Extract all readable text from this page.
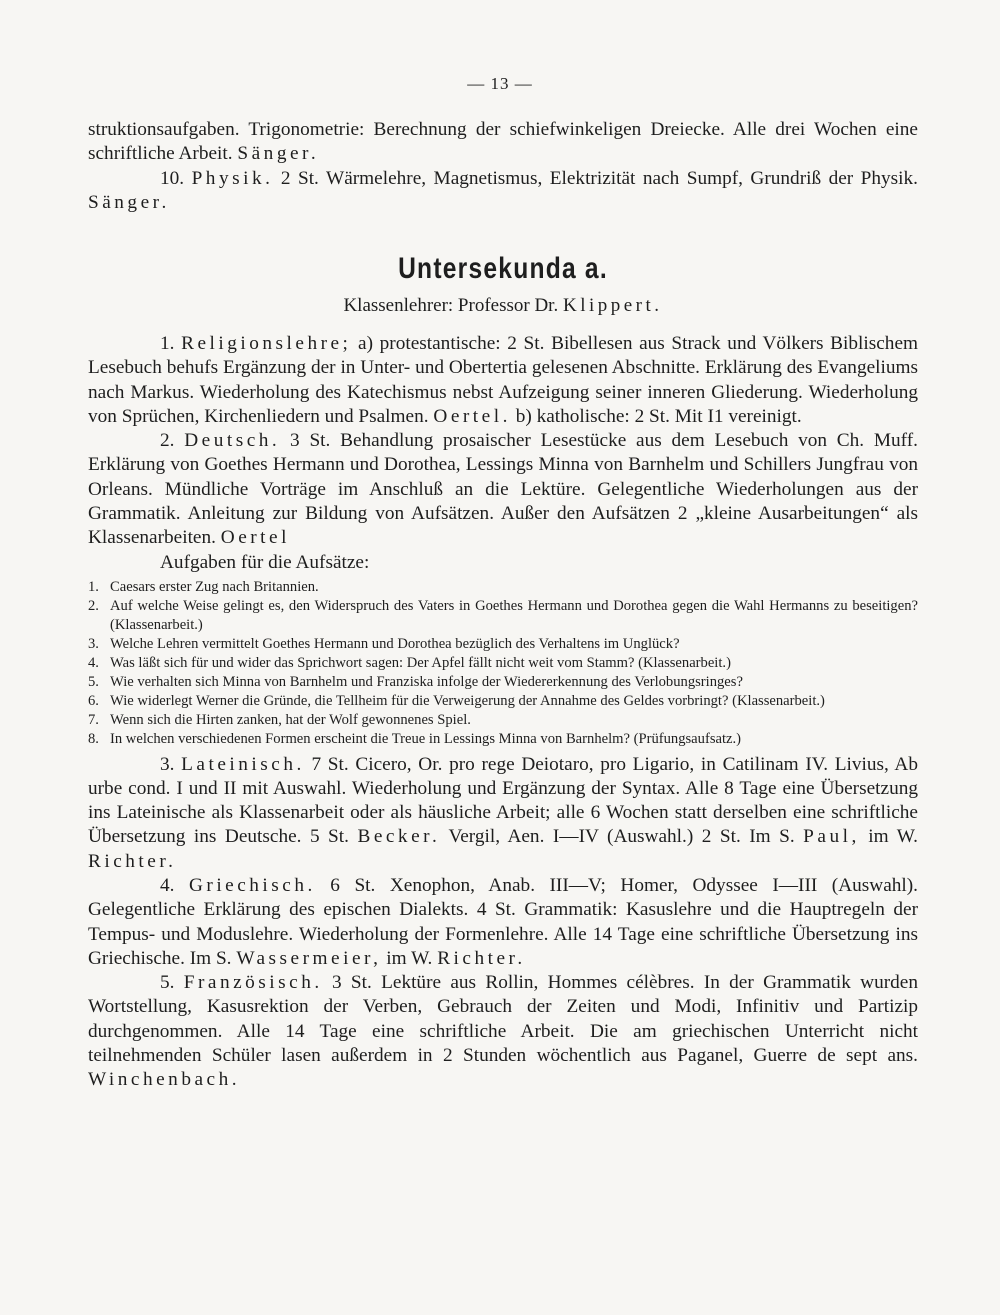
— 13 —

struktionsaufgaben. Trigonometrie: Berechnung der schiefwinkeligen Dreiecke. Alle drei Wochen eine schriftliche Arbeit. Sänger.

10. Physik. 2 St. Wärmelehre, Magnetismus, Elektrizität nach Sumpf, Grundriß der Physik. Sänger.

Untersekunda a.

Klassenlehrer: Professor Dr. Klippert.

1. Religionslehre; a) protestantische: 2 St. Bibellesen aus Strack und Völkers Biblischem Lesebuch behufs Ergänzung der in Unter- und Obertertia gelesenen Abschnitte. Erklärung des Evangeliums nach Markus. Wiederholung des Katechismus nebst Aufzeigung seiner inneren Gliederung. Wiederholung von Sprüchen, Kirchenliedern und Psalmen. Oertel. b) katholische: 2 St. Mit I1 vereinigt.

2. Deutsch. 3 St. Behandlung prosaischer Lesestücke aus dem Lesebuch von Ch. Muff. Erklärung von Goethes Hermann und Dorothea, Lessings Minna von Barnhelm und Schillers Jungfrau von Orleans. Mündliche Vorträge im Anschluß an die Lektüre. Gelegentliche Wiederholungen aus der Grammatik. Anleitung zur Bildung von Aufsätzen. Außer den Aufsätzen 2 „kleine Ausarbeitungen“ als Klassenarbeiten. Oertel

Aufgaben für die Aufsätze:

1. Caesars erster Zug nach Britannien.
2. Auf welche Weise gelingt es, den Widerspruch des Vaters in Goethes Hermann und Dorothea gegen die Wahl Hermanns zu beseitigen? (Klassenarbeit.)
3. Welche Lehren vermittelt Goethes Hermann und Dorothea bezüglich des Verhaltens im Unglück?
4. Was läßt sich für und wider das Sprichwort sagen: Der Apfel fällt nicht weit vom Stamm? (Klassenarbeit.)
5. Wie verhalten sich Minna von Barnhelm und Franziska infolge der Wiedererkennung des Verlobungsringes?
6. Wie widerlegt Werner die Gründe, die Tellheim für die Verweigerung der Annahme des Geldes vorbringt? (Klassenarbeit.)
7. Wenn sich die Hirten zanken, hat der Wolf gewonnenes Spiel.
8. In welchen verschiedenen Formen erscheint die Treue in Lessings Minna von Barnhelm? (Prüfungsaufsatz.)

3. Lateinisch. 7 St. Cicero, Or. pro rege Deiotaro, pro Ligario, in Catilinam IV. Livius, Ab urbe cond. I und II mit Auswahl. Wiederholung und Ergänzung der Syntax. Alle 8 Tage eine Übersetzung ins Lateinische als Klassenarbeit oder als häusliche Arbeit; alle 6 Wochen statt derselben eine schriftliche Übersetzung ins Deutsche. 5 St. Becker. Vergil, Aen. I—IV (Auswahl.) 2 St. Im S. Paul, im W. Richter.

4. Griechisch. 6 St. Xenophon, Anab. III—V; Homer, Odyssee I—III (Auswahl). Gelegentliche Erklärung des epischen Dialekts. 4 St. Grammatik: Kasuslehre und die Hauptregeln der Tempus- und Moduslehre. Wiederholung der Formenlehre. Alle 14 Tage eine schriftliche Übersetzung ins Griechische. Im S. Wassermeier, im W. Richter.

5. Französisch. 3 St. Lektüre aus Rollin, Hommes célèbres. In der Grammatik wurden Wortstellung, Kasusrektion der Verben, Gebrauch der Zeiten und Modi, Infinitiv und Partizip durchgenommen. Alle 14 Tage eine schriftliche Arbeit. Die am griechischen Unterricht nicht teilnehmenden Schüler lasen außerdem in 2 Stunden wöchentlich aus Paganel, Guerre de sept ans. Winchenbach.
